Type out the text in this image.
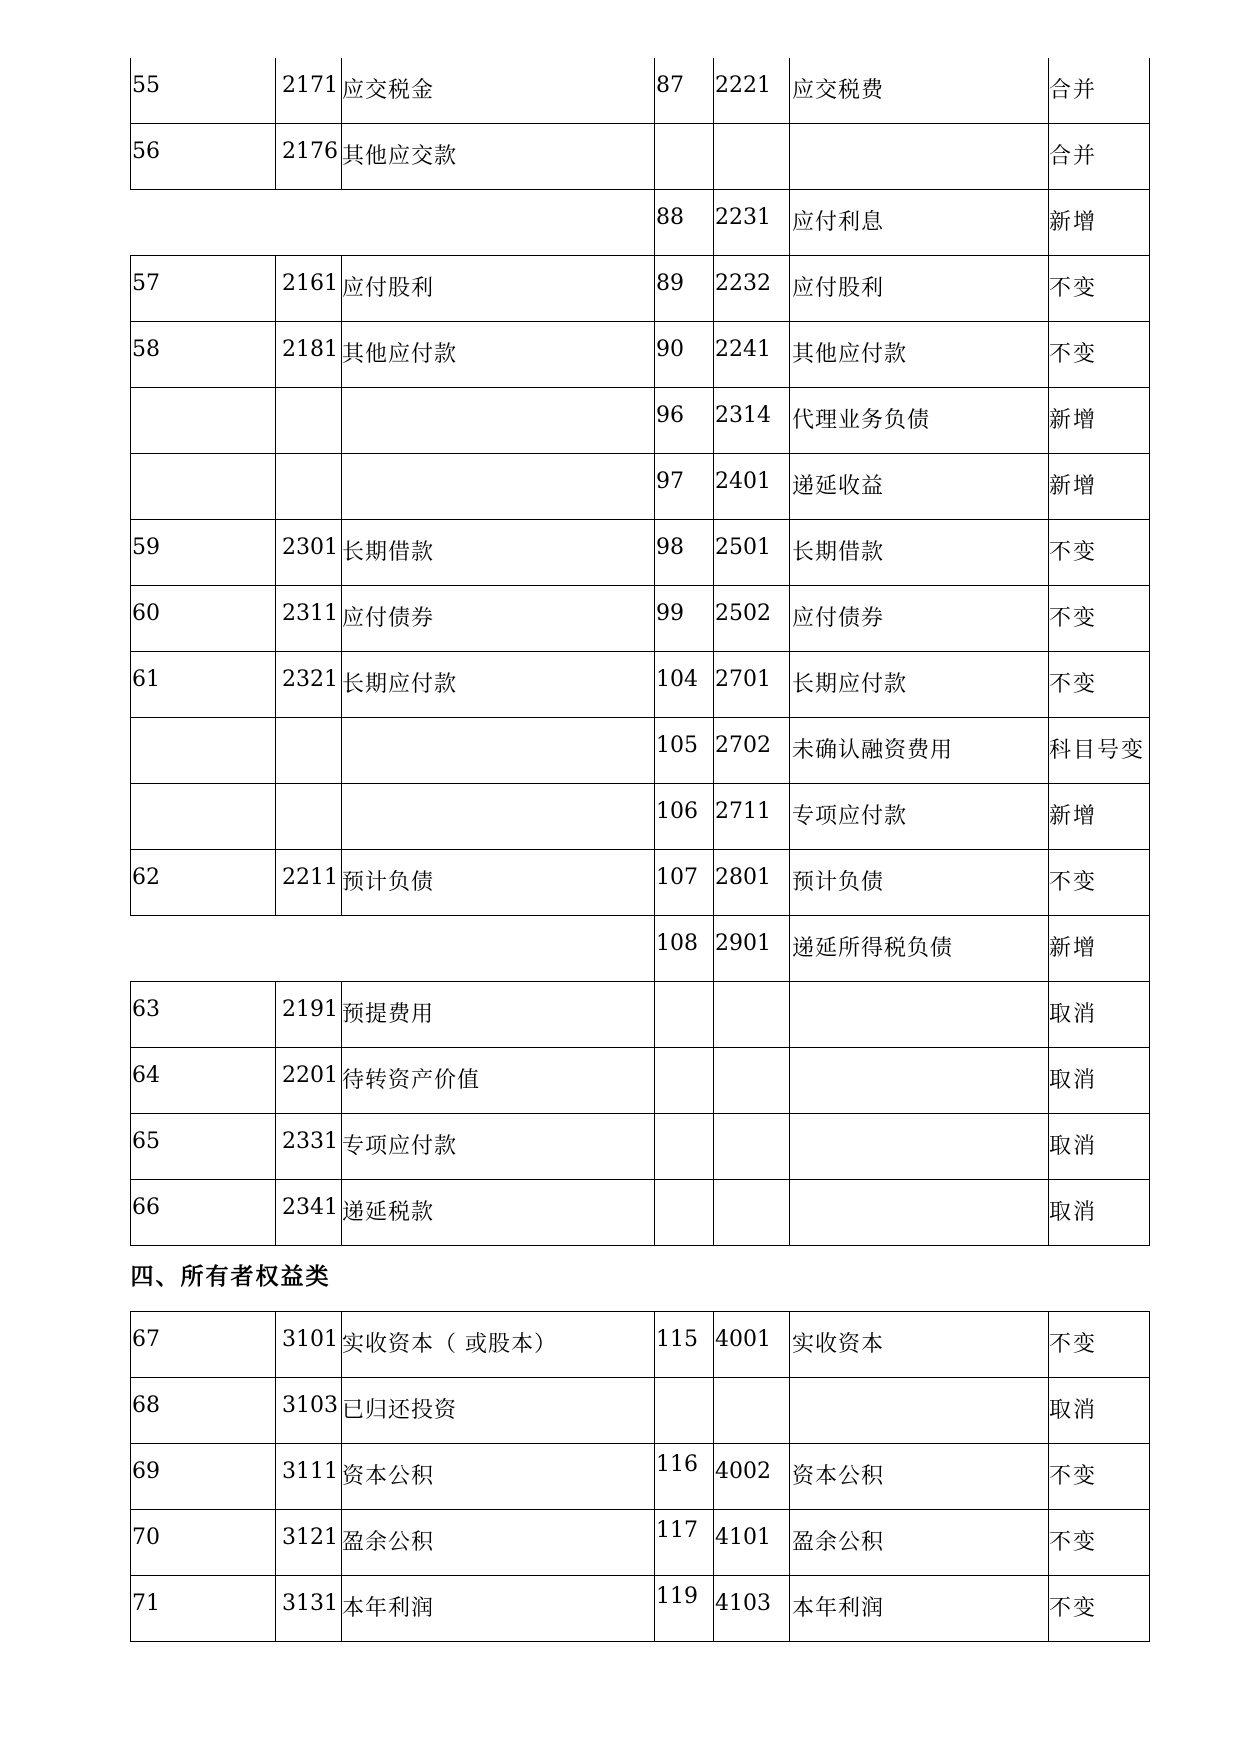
55	2171	应交税金	87	2221	应交税费	合并

56	2176	其他应交款				合并

			88	2231	应付利息	新增

57	2161	应付股利	89	2232	应付股利	不变

58	2181	其他应付款	90	2241	其他应付款	不变

			96	2314	代理业务负债	新增

			97	2401	递延收益	新增

59	2301	长期借款	98	2501	长期借款	不变

60	2311	应付债券	99	2502	应付债券	不变

61	2321	长期应付款	104	2701	长期应付款	不变

			105	2702	未确认融资费用	科目号变

			106	2711	专项应付款	新增

62	2211	预计负债	107	2801	预计负债	不变

			108	2901	递延所得税负债	新增

63	2191	预提费用				取消

64	2201	待转资产价值				取消

65	2331	专项应付款				取消

66	2341	递延税款				取消

四、所有者权益类						

67	3101	实收资本（ 或股本）	115	4001	实收资本	不变

68	3103	已归还投资				取消

69	3111	资本公积	116	4002	资本公积	不变

70	3121	盈余公积	117	4101	盈余公积	不变

71	3131	本年利润	119	4103	本年利润	不变
